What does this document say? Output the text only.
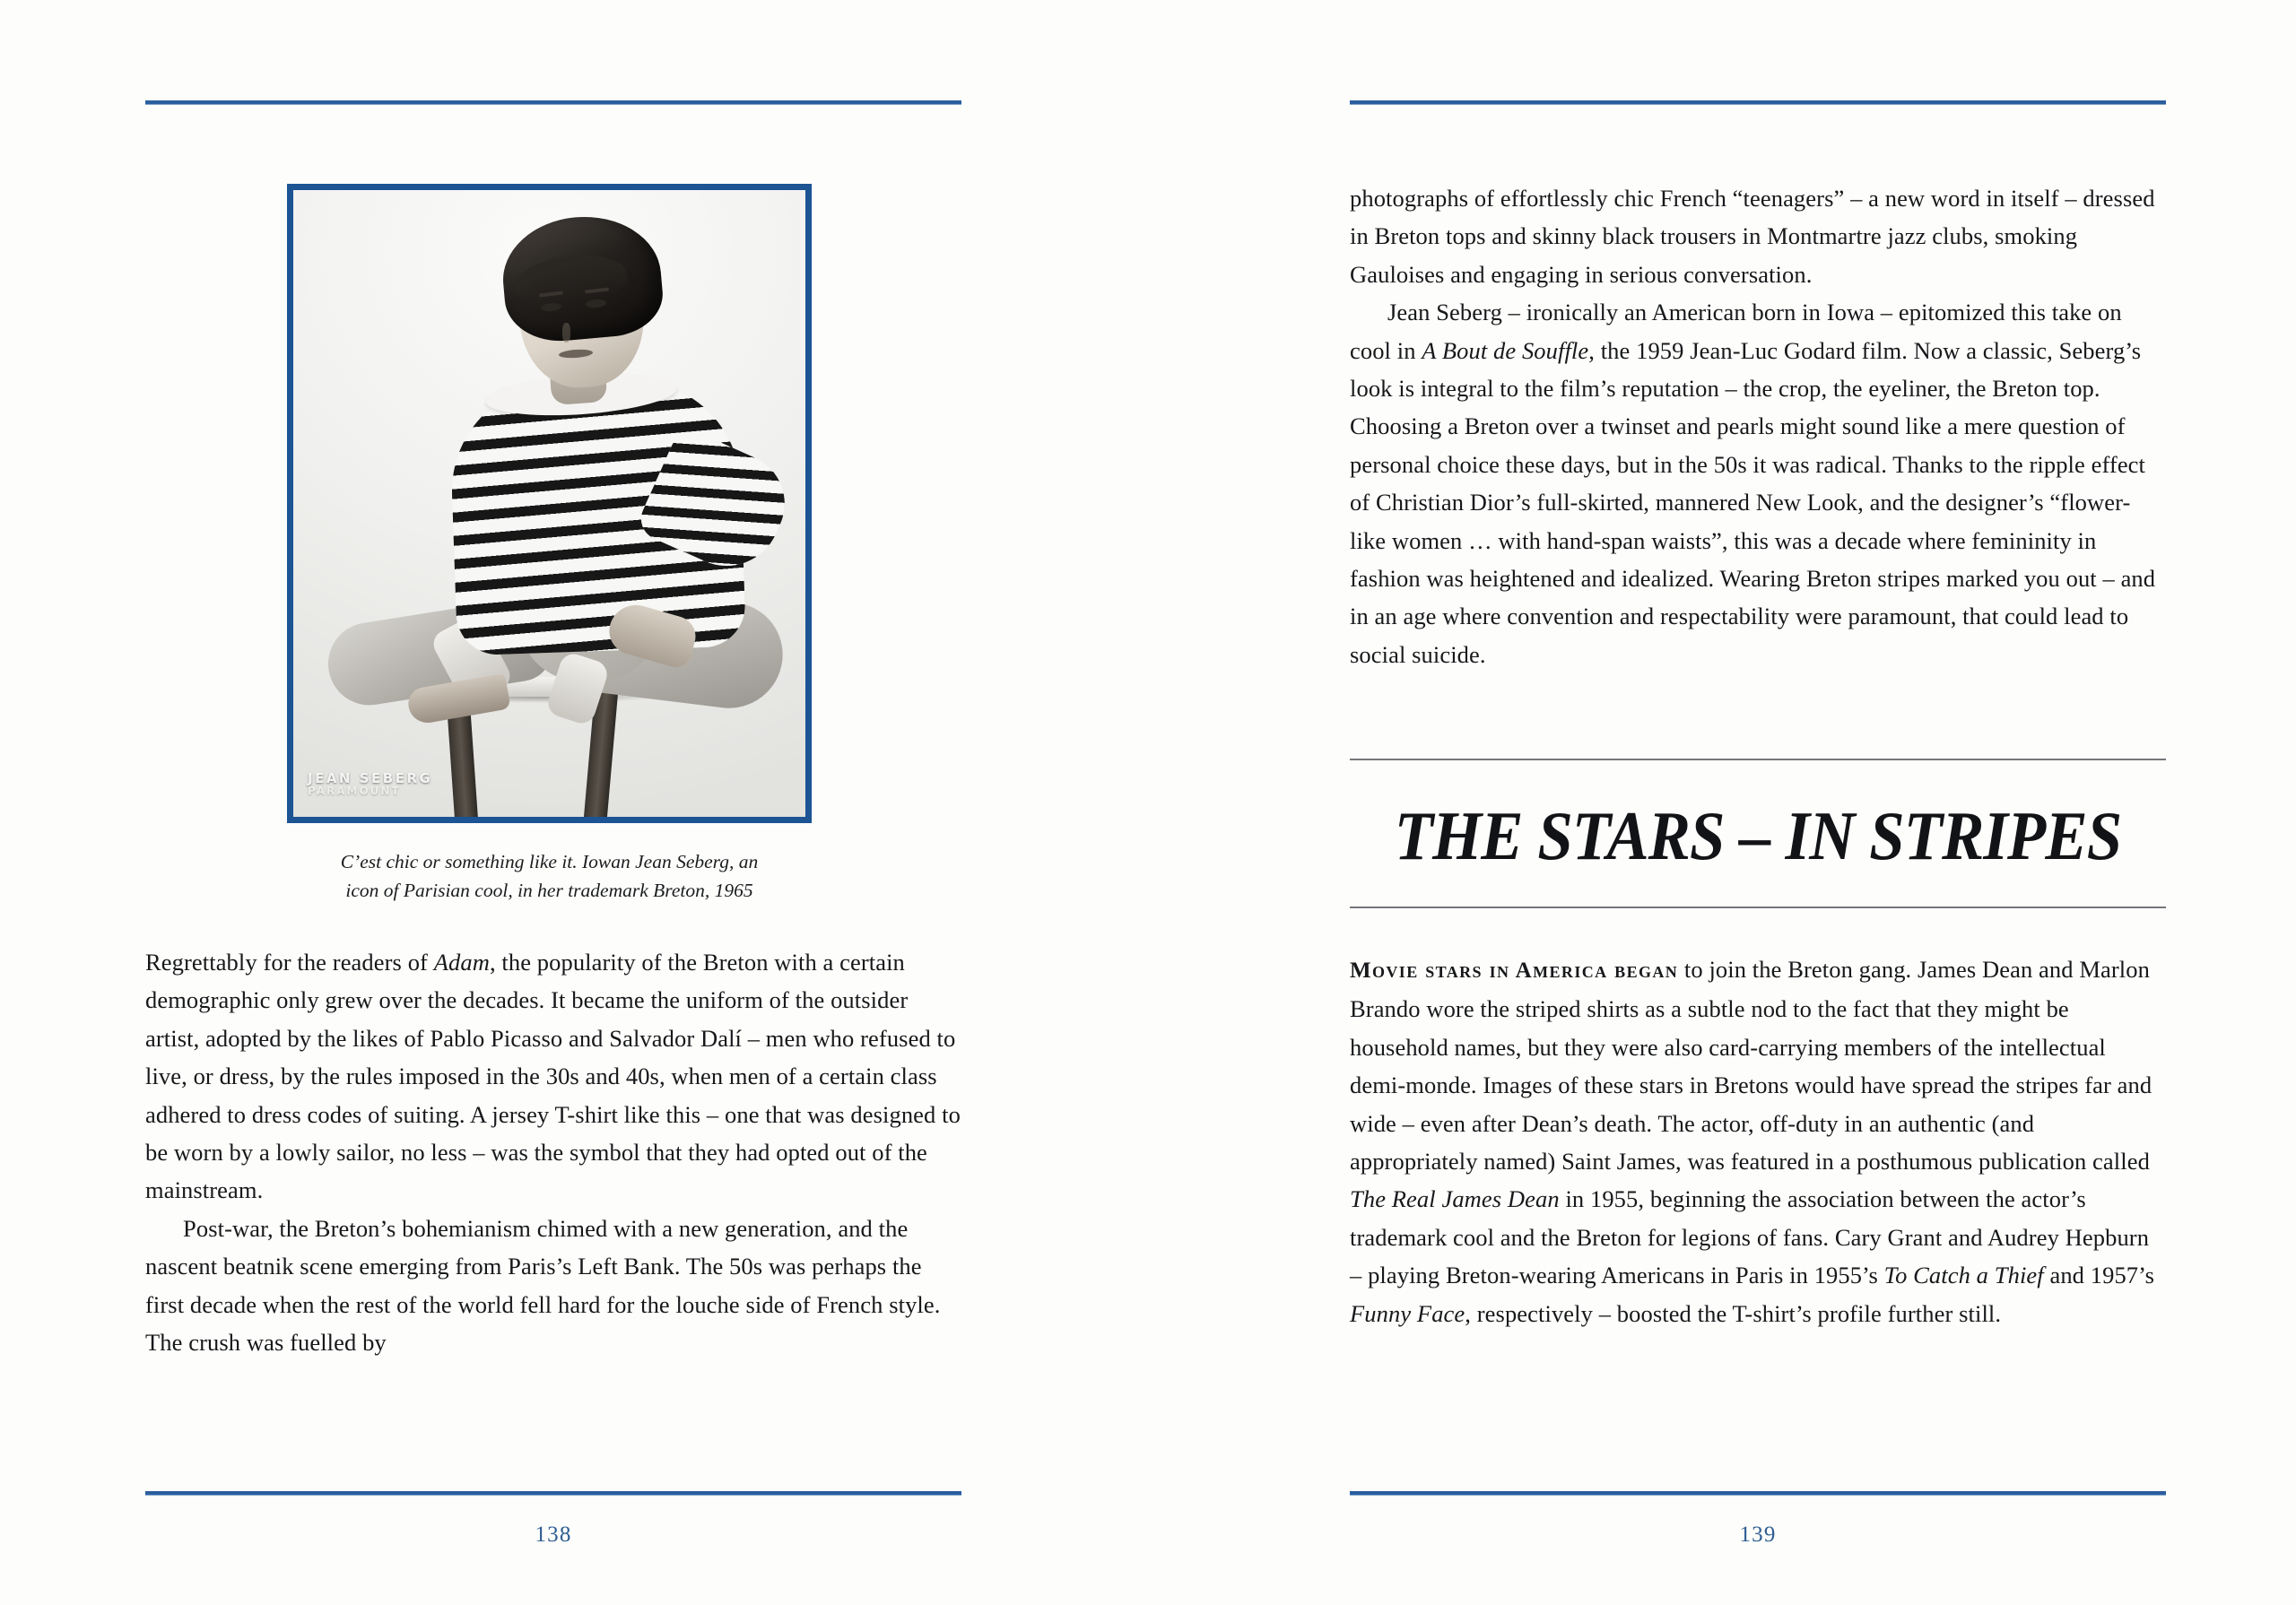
JEAN SEBERG
PARAMOUNT
C’est chic or something like it. Iowan Jean Seberg, an
icon of Parisian cool, in her trademark Breton, 1965

Regrettably for the readers of Adam, the popularity of the Breton with a certain demographic only grew over the decades. It became the uniform of the outsider artist, adopted by the likes of Pablo Picasso and Salvador Dalí – men who refused to live, or dress, by the rules imposed in the 30s and 40s, when men of a certain class adhered to dress codes of suiting. A jersey T-shirt like this – one that was designed to be worn by a lowly sailor, no less – was the symbol that they had opted out of the mainstream.

Post-war, the Breton’s bohemianism chimed with a new generation, and the nascent beatnik scene emerging from Paris’s Left Bank. The 50s was perhaps the first decade when the rest of the world fell hard for the louche side of French style. The crush was fuelled by

138

photographs of effortlessly chic French “teenagers” – a new word in itself – dressed in Breton tops and skinny black trousers in Montmartre jazz clubs, smoking Gauloises and engaging in serious conversation.

Jean Seberg – ironically an American born in Iowa – epitomized this take on cool in A Bout de Souffle, the 1959 Jean-Luc Godard film. Now a classic, Seberg’s look is integral to the film’s reputation – the crop, the eyeliner, the Breton top. Choosing a Breton over a twinset and pearls might sound like a mere question of personal choice these days, but in the 50s it was radical. Thanks to the ripple effect of Christian Dior’s full-skirted, mannered New Look, and the designer’s “flower-like women … with hand-span waists”, this was a decade where femininity in fashion was heightened and idealized. Wearing Breton stripes marked you out – and in an age where convention and respectability were paramount, that could lead to social suicide.

THE STARS – IN STRIPES

Movie stars in America began to join the Breton gang. James Dean and Marlon Brando wore the striped shirts as a subtle nod to the fact that they might be household names, but they were also card-carrying members of the intellectual demi-monde. Images of these stars in Bretons would have spread the stripes far and wide – even after Dean’s death. The actor, off-duty in an authentic (and appropriately named) Saint James, was featured in a posthumous publication called The Real James Dean in 1955, beginning the association between the actor’s trademark cool and the Breton for legions of fans. Cary Grant and Audrey Hepburn – playing Breton-wearing Americans in Paris in 1955’s To Catch a Thief and 1957’s Funny Face, respectively – boosted the T-shirt’s profile further still.

139
